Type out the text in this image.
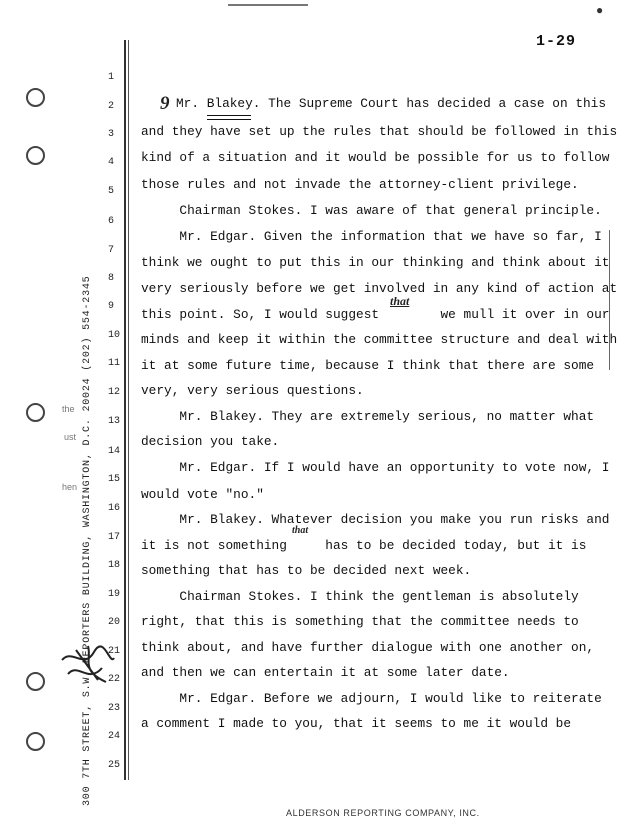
●
1-29
300 7TH STREET, S.W. REPORTERS BUILDING, WASHINGTON, D.C. 20024 (202) 554-2345
the
ust
hen
1
2
3
4
5
6
7
8
9
10
11
12
13
14
15
16
17
18
19
20
21
22
23
24
25
Mr. Blakey. The Supreme Court has decided a case on this
and they have set up the rules that should be followed in this
kind of a situation and it would be possible for us to follow
those rules and not invade the attorney-client privilege.
Chairman Stokes. I was aware of that general principle.
Mr. Edgar. Given the information that we have so far, I
think we ought to put this in our thinking and think about it
very seriously before we get involved in any kind of action at
this point. So, I would suggest        we mull it over in our
minds and keep it within the committee structure and deal with
it at some future time, because I think that there are some
very, very serious questions.
Mr. Blakey. They are extremely serious, no matter what
decision you take.
Mr. Edgar. If I would have an opportunity to vote now, I
would vote "no."
Mr. Blakey. Whatever decision you make you run risks and
it is not something     has to be decided today, but it is
something that has to be decided next week.
Chairman Stokes. I think the gentleman is absolutely
right, that this is something that the committee needs to
think about, and have further dialogue with one another on,
and then we can entertain it at some later date.
Mr. Edgar. Before we adjourn, I would like to reiterate
a comment I made to you, that it seems to me it would be
9
that
that
ALDERSON REPORTING COMPANY, INC.
